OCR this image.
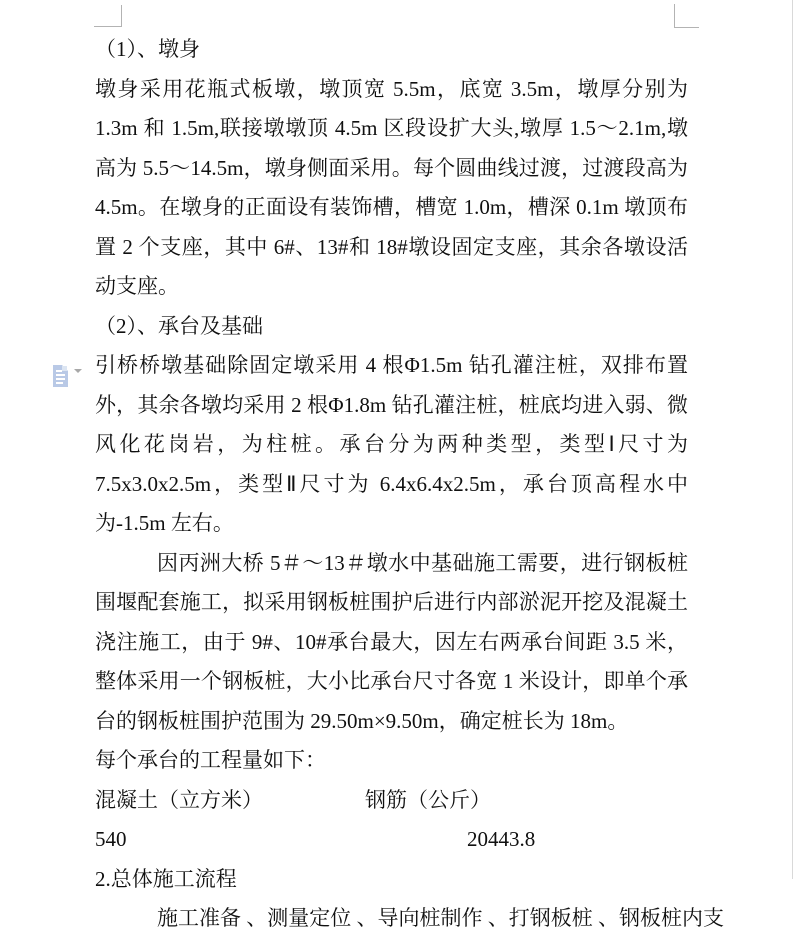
（1）、墩身

墩身采用花瓶式板墩，墩顶宽 5.5m，底宽 3.5m，墩厚分别为 1.3m 和 1.5m,联接墩墩顶 4.5m 区段设扩大头,墩厚 1.5～2.1m,墩高为 5.5～14.5m，墩身侧面采用。每个圆曲线过渡，过渡段高为 4.5m。在墩身的正面设有装饰槽，槽宽 1.0m，槽深 0.1m 墩顶布置 2 个支座，其中 6#、13#和 18#墩设固定支座，其余各墩设活动支座。

（2）、承台及基础

引桥桥墩基础除固定墩采用 4 根Φ1.5m 钻孔灌注桩，双排布置外，其余各墩均采用 2 根Φ1.8m 钻孔灌注桩，桩底均进入弱、微风化花岗岩，为柱桩。承台分为两种类型，类型Ⅰ尺寸为 7.5x3.0x2.5m，类型Ⅱ尺寸为 6.4x6.4x2.5m，承台顶高程水中为-1.5m 左右。

因丙洲大桥 5＃～13＃墩水中基础施工需要，进行钢板桩围堰配套施工，拟采用钢板桩围护后进行内部淤泥开挖及混凝土浇注施工，由于 9#、10#承台最大，因左右两承台间距 3.5 米，整体采用一个钢板桩，大小比承台尺寸各宽 1 米设计，即单个承台的钢板桩围护范围为 29.50m×9.50m，确定桩长为 18m。

每个承台的工程量如下：

混凝土（立方米）	钢筋（公斤）

540	20443.8

2.总体施工流程

施工准备 、测量定位 、导向桩制作 、打钢板桩 、钢板桩内支
